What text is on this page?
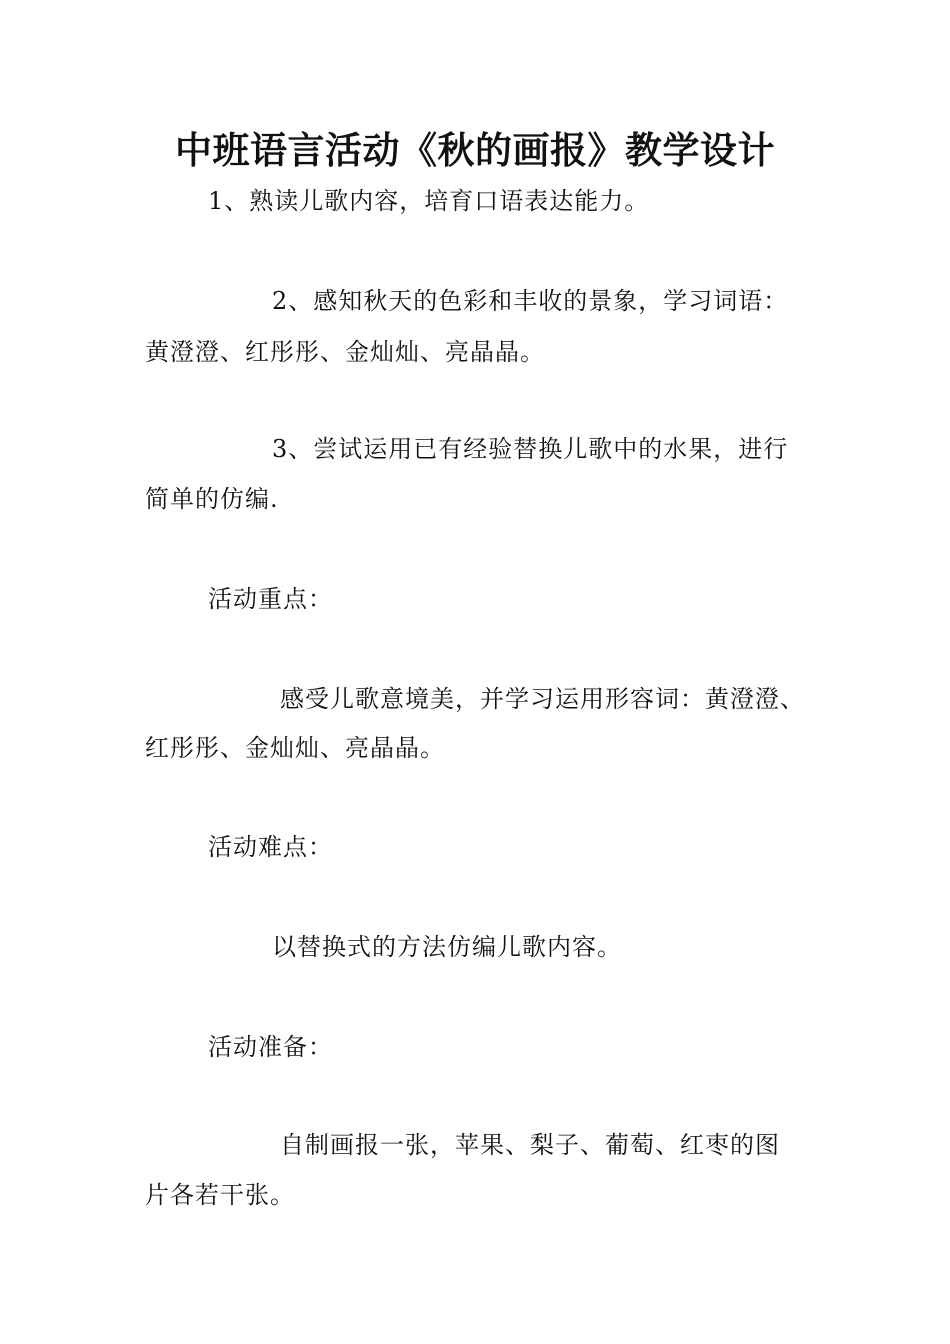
中班语言活动《秋的画报》教学设计

1、熟读儿歌内容，培育口语表达能力。

2、感知秋天的色彩和丰收的景象，学习词语：

黄澄澄、红彤彤、金灿灿、亮晶晶。

3、尝试运用已有经验替换儿歌中的水果，进行

简单的仿编.

活动重点：

感受儿歌意境美，并学习运用形容词：黄澄澄、

红彤彤、金灿灿、亮晶晶。

活动难点：

以替换式的方法仿编儿歌内容。

活动准备：

自制画报一张，苹果、梨子、葡萄、红枣的图

片各若干张。
